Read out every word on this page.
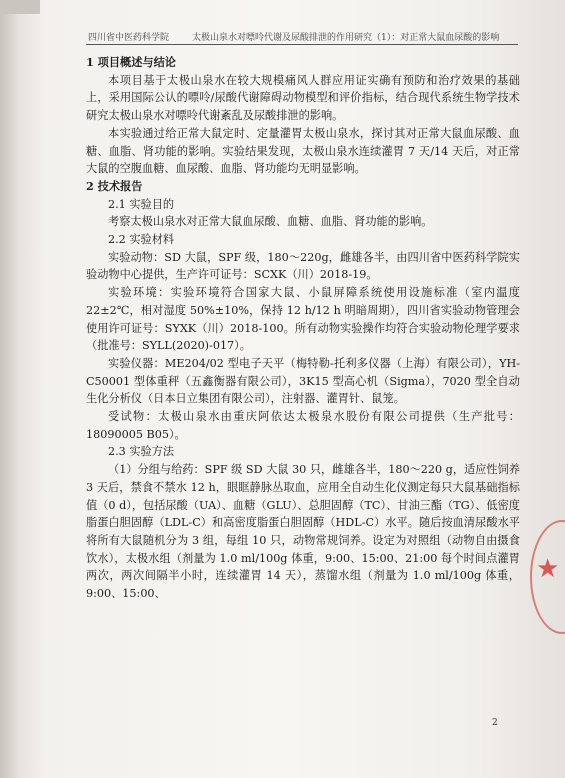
四川省中医药科学院	太极山泉水对嘌呤代谢及尿酸排泄的作用研究（1）：对正常大鼠血尿酸的影响

1 项目概述与结论

本项目基于太极山泉水在较大规模痛风人群应用证实确有预防和治疗效果的基础上，采用国际公认的嘌呤/尿酸代谢障碍动物模型和评价指标，结合现代系统生物学技术研究太极山泉水对嘌呤代谢紊乱及尿酸排泄的影响。

本实验通过给正常大鼠定时、定量灌胃太极山泉水，探讨其对正常大鼠血尿酸、血糖、血脂、肾功能的影响。实验结果发现，太极山泉水连续灌胃 7 天/14 天后，对正常大鼠的空腹血糖、血尿酸、血脂、肾功能均无明显影响。

2 技术报告

2.1 实验目的

考察太极山泉水对正常大鼠血尿酸、血糖、血脂、肾功能的影响。

2.2 实验材料

实验动物：SD 大鼠，SPF 级，180～220g，雌雄各半，由四川省中医药科学院实验动物中心提供，生产许可证号：SCXK（川）2018-19。

实验环境：实验环境符合国家大鼠、小鼠屏障系统使用设施标准（室内温度 22±2℃，相对湿度 50%±10%，保持 12 h/12 h 明暗周期），四川省实验动物管理会使用许可证号：SYXK（川）2018-100。所有动物实验操作均符合实验动物伦理学要求（批准号：SYLL(2020)-017）。

实验仪器：ME204/02 型电子天平（梅特勒-托利多仪器（上海）有限公司），YH-C50001 型体重秤（五鑫衡器有限公司），3K15 型高心机（Sigma），7020 型全自动生化分析仪（日本日立集团有限公司），注射器、灌胃针、鼠笼。

受试物：太极山泉水由重庆阿依达太极泉水股份有限公司提供（生产批号：18090005 B05）。

2.3 实验方法

（1）分组与给药：SPF 级 SD 大鼠 30 只，雌雄各半，180～220 g，适应性饲养 3 天后，禁食不禁水 12 h，眼眶静脉丛取血，应用全自动生化仪测定每只大鼠基础指标值（0 d），包括尿酸（UA）、血糖（GLU）、总胆固醇（TC）、甘油三酯（TG）、低密度脂蛋白胆固醇（LDL-C）和高密度脂蛋白胆固醇（HDL-C）水平。随后按血清尿酸水平将所有大鼠随机分为 3 组，每组 10 只，动物常规饲养。设定为对照组（动物自由摄食饮水），太极水组（剂量为 1.0 ml/100g 体重，9:00、15:00、21:00 每个时间点灌胃两次，两次间隔半小时，连续灌胃 14 天），蒸馏水组（剂量为 1.0 ml/100g 体重，9:00、15:00、

★
2
